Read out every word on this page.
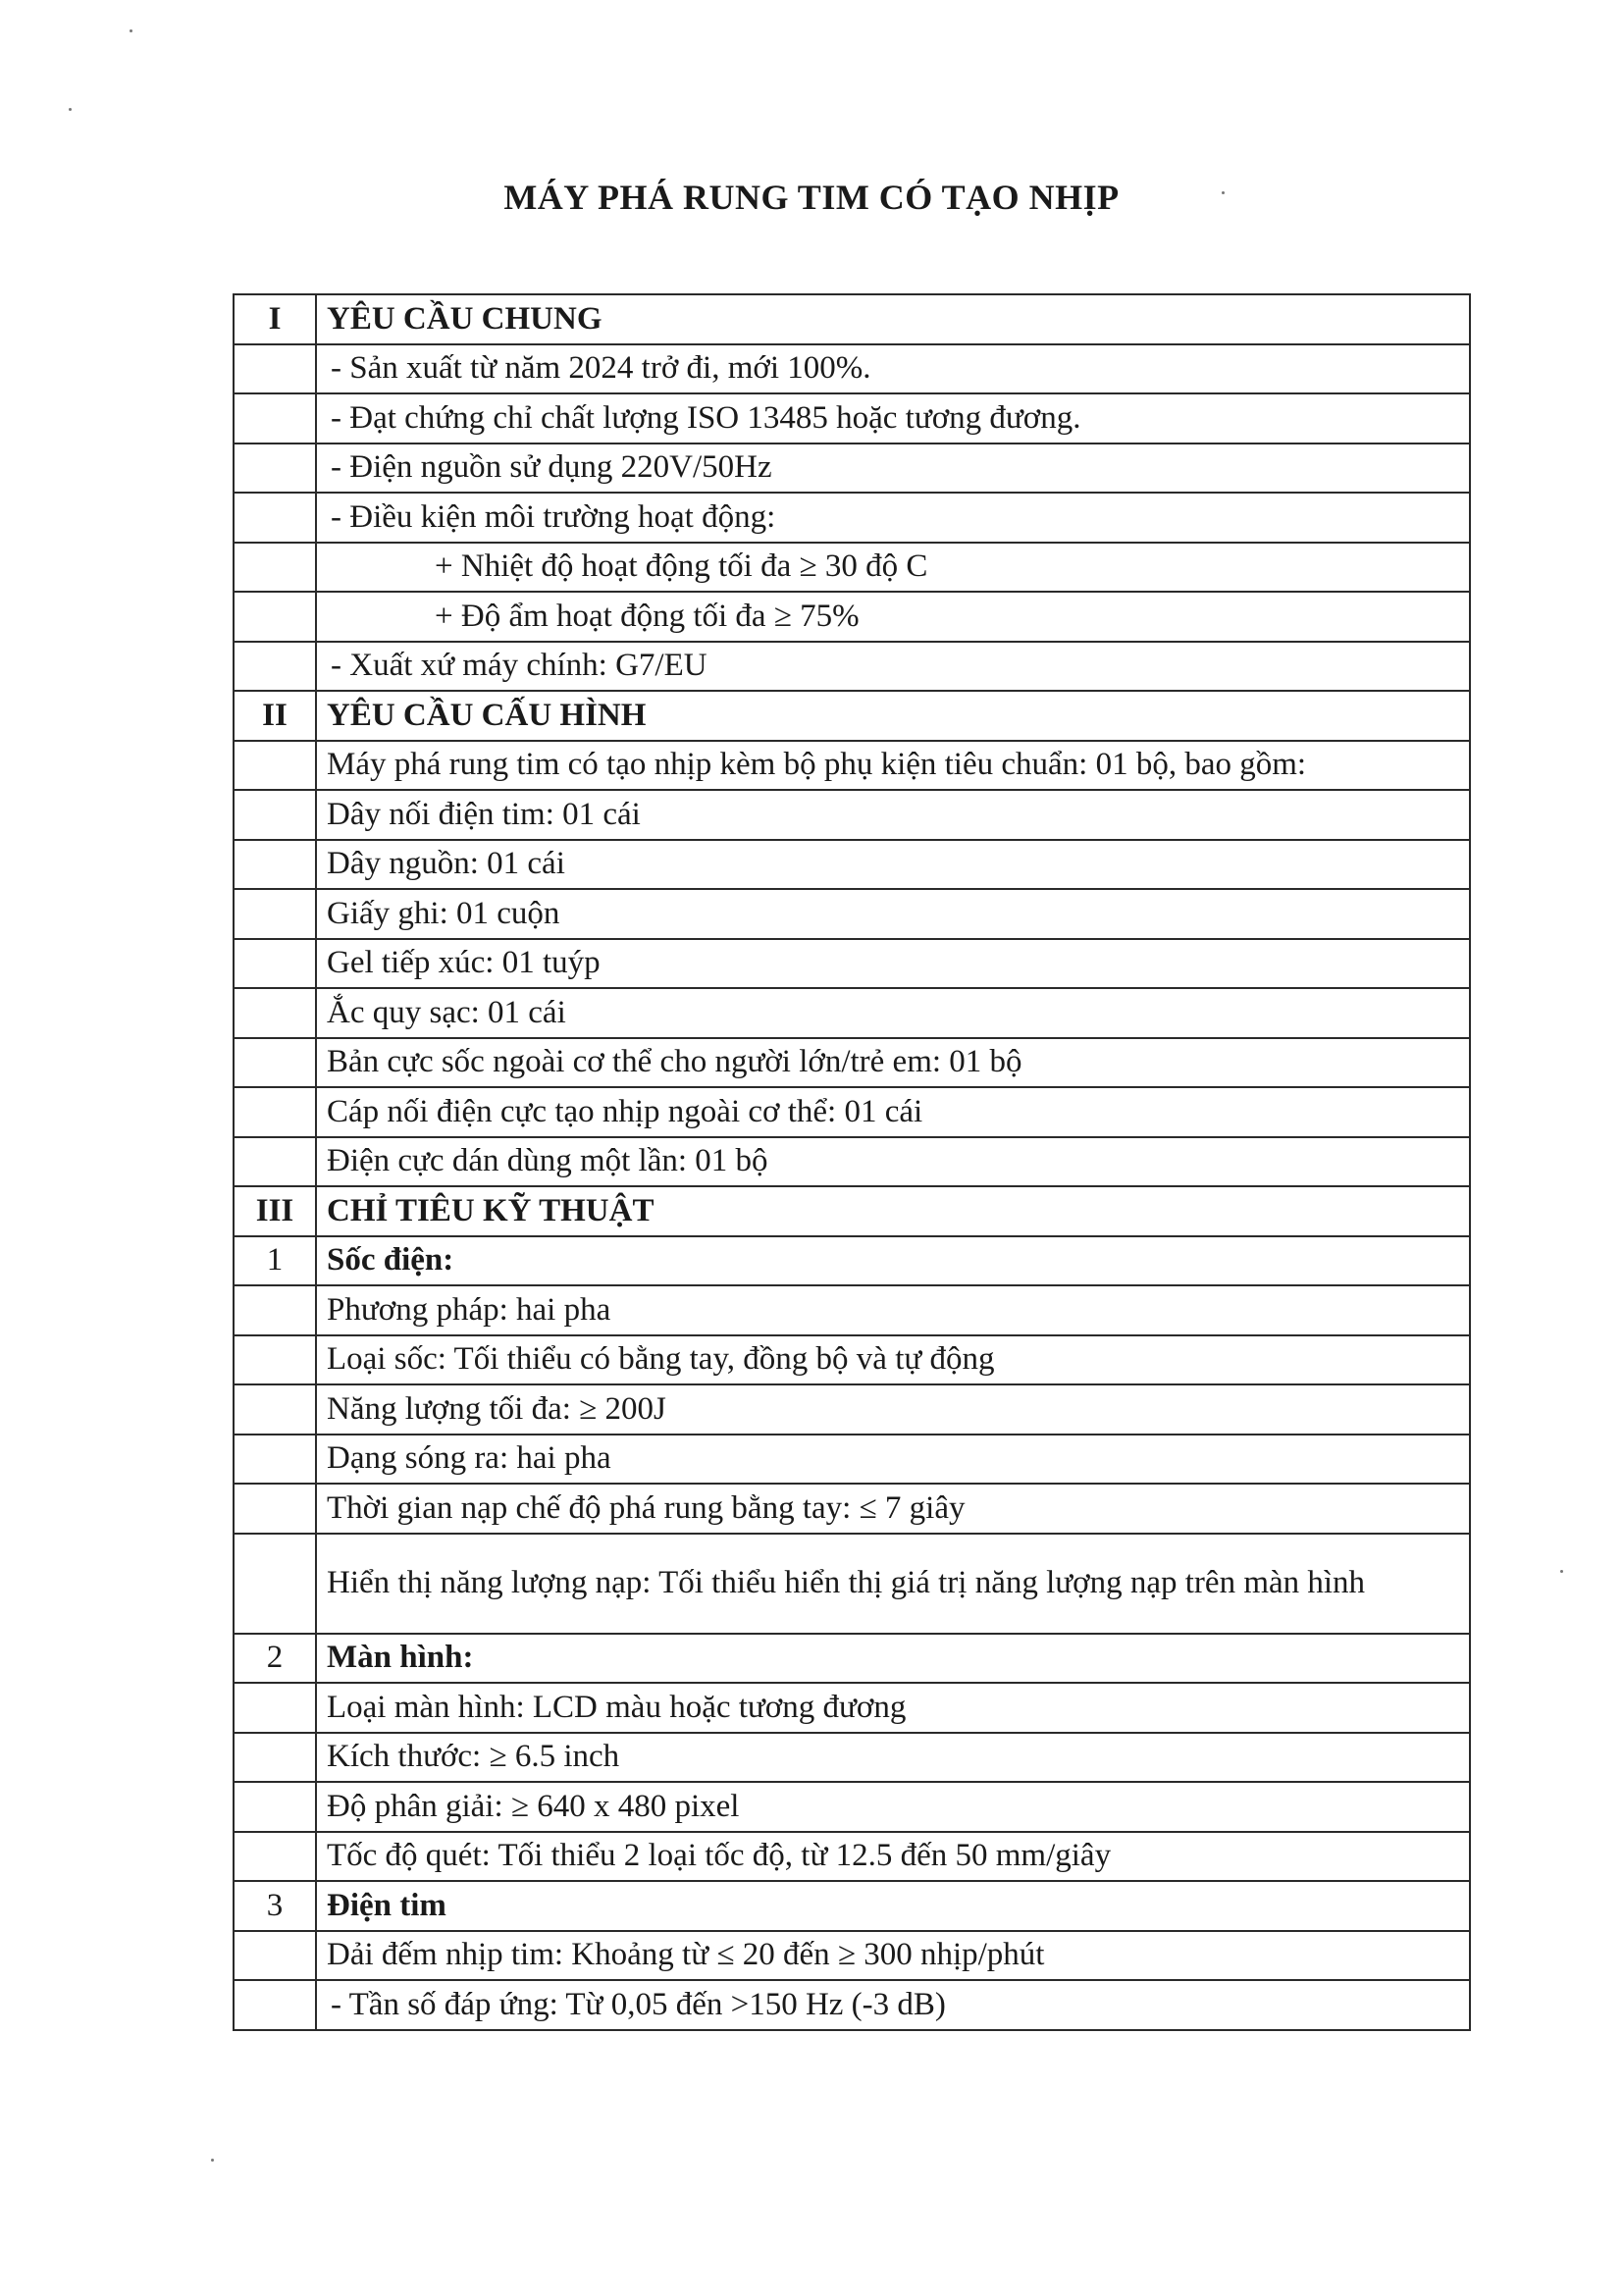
MÁY PHÁ RUNG TIM CÓ TẠO NHỊP
I	YÊU CẦU CHUNG
	- Sản xuất từ năm 2024 trở đi, mới 100%.
	- Đạt chứng chỉ chất lượng ISO 13485 hoặc tương đương.
	- Điện nguồn sử dụng 220V/50Hz
	- Điều kiện môi trường hoạt động:
	+ Nhiệt độ hoạt động tối đa ≥ 30 độ C
	+ Độ ẩm hoạt động tối đa ≥ 75%
	- Xuất xứ máy chính: G7/EU
II	YÊU CẦU CẤU HÌNH
	Máy phá rung tim có tạo nhịp kèm bộ phụ kiện tiêu chuẩn: 01 bộ, bao gồm:
	Dây nối điện tim: 01 cái
	Dây nguồn: 01 cái
	Giấy ghi: 01 cuộn
	Gel tiếp xúc: 01 tuýp
	Ắc quy sạc: 01 cái
	Bản cực sốc ngoài cơ thể cho người lớn/trẻ em: 01 bộ
	Cáp nối điện cực tạo nhịp ngoài cơ thể: 01 cái
	Điện cực dán dùng một lần: 01 bộ
III	CHỈ TIÊU KỸ THUẬT
1	Sốc điện:
	Phương pháp: hai pha
	Loại sốc: Tối thiểu có bằng tay, đồng bộ và tự động
	Năng lượng tối đa: ≥ 200J
	Dạng sóng ra: hai pha
	Thời gian nạp chế độ phá rung bằng tay: ≤ 7 giây
	Hiển thị năng lượng nạp: Tối thiểu hiển thị giá trị năng lượng nạp trên màn hình
2	Màn hình:
	Loại màn hình: LCD màu hoặc tương đương
	Kích thước: ≥ 6.5 inch
	Độ phân giải: ≥ 640 x 480 pixel
	Tốc độ quét: Tối thiểu 2 loại tốc độ, từ 12.5 đến 50 mm/giây
3	Điện tim
	Dải đếm nhịp tim: Khoảng từ ≤ 20 đến ≥ 300 nhịp/phút
	- Tần số đáp ứng: Từ 0,05 đến >150 Hz (-3 dB)
